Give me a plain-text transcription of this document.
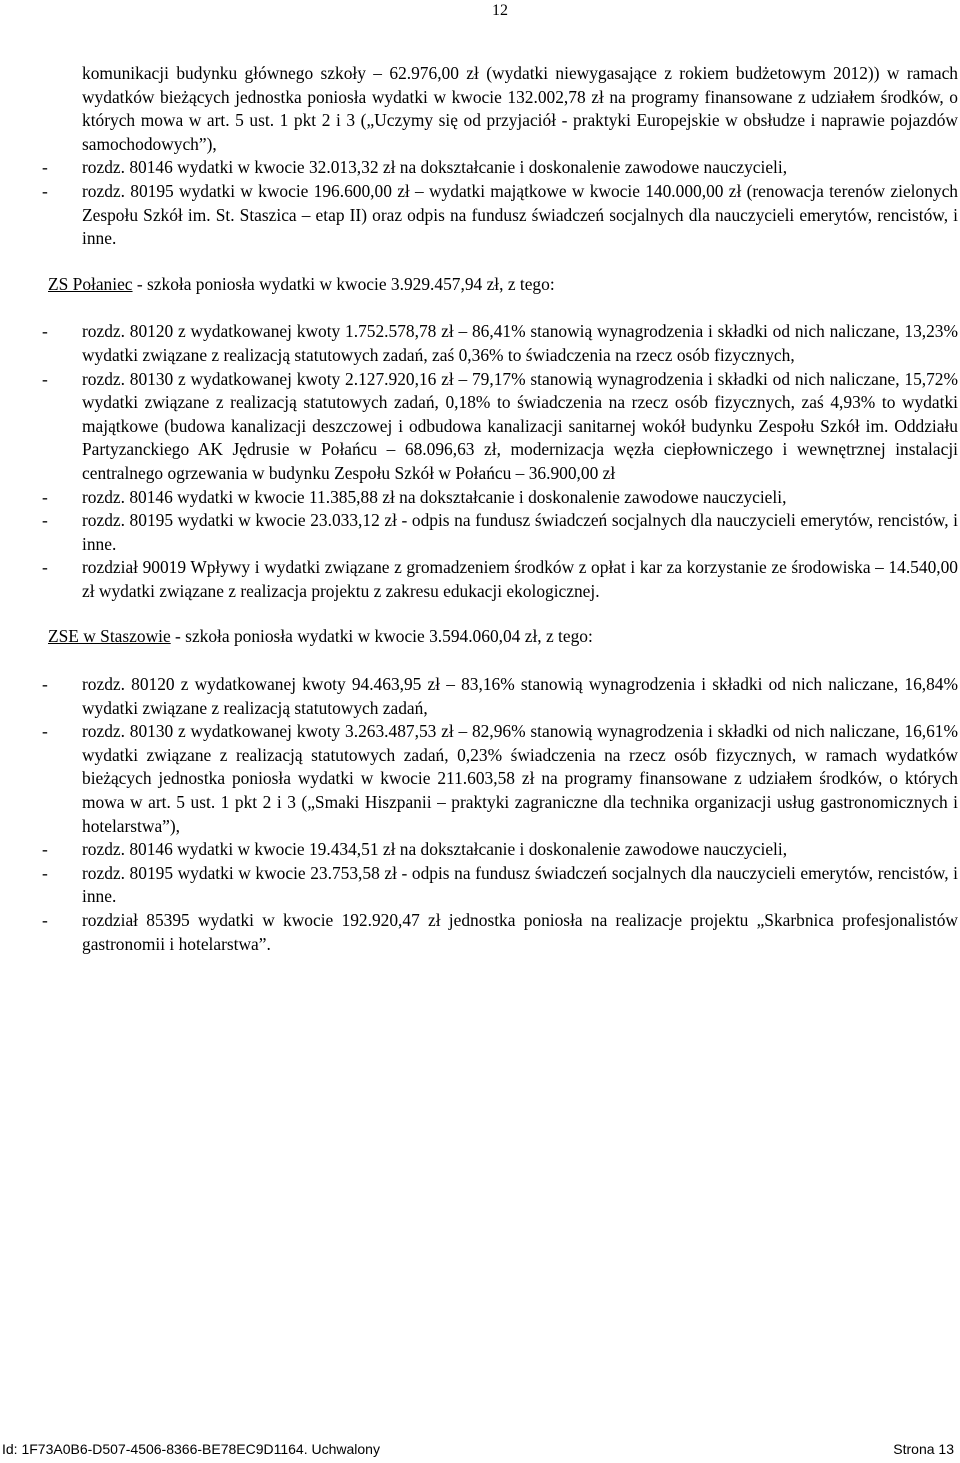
12

komunikacji budynku głównego szkoły – 62.976,00 zł (wydatki niewygasające z rokiem budżetowym 2012)) w ramach wydatków bieżących jednostka poniosła wydatki w kwocie 132.002,78 zł na programy finansowane z udziałem środków, o których mowa w art. 5 ust. 1 pkt 2 i 3 („Uczymy się od przyjaciół - praktyki Europejskie w obsłudze i naprawie pojazdów samochodowych”),

- rozdz. 80146 wydatki w kwocie 32.013,32 zł na dokształcanie i doskonalenie zawodowe nauczycieli,
- rozdz. 80195 wydatki w kwocie 196.600,00 zł – wydatki majątkowe w kwocie 140.000,00 zł (renowacja terenów zielonych Zespołu Szkół im. St. Staszica – etap II) oraz odpis na fundusz świadczeń socjalnych dla nauczycieli emerytów, rencistów, i inne.

ZS Połaniec - szkoła poniosła wydatki w kwocie 3.929.457,94 zł, z tego:

- rozdz. 80120 z wydatkowanej kwoty 1.752.578,78 zł – 86,41% stanowią wynagrodzenia i składki od nich naliczane, 13,23% wydatki związane z realizacją statutowych zadań, zaś 0,36% to świadczenia na rzecz osób fizycznych,
- rozdz. 80130 z wydatkowanej kwoty 2.127.920,16 zł – 79,17% stanowią wynagrodzenia i składki od nich naliczane, 15,72% wydatki związane z realizacją statutowych zadań, 0,18% to świadczenia na rzecz osób fizycznych, zaś 4,93% to wydatki majątkowe (budowa kanalizacji deszczowej i odbudowa kanalizacji sanitarnej wokół budynku Zespołu Szkół im. Oddziału Partyzanckiego AK Jędrusie w Połańcu – 68.096,63 zł, modernizacja węzła ciepłowniczego i wewnętrznej instalacji centralnego ogrzewania w budynku Zespołu Szkół w Połańcu – 36.900,00 zł
- rozdz. 80146 wydatki w kwocie 11.385,88 zł na dokształcanie i doskonalenie zawodowe nauczycieli,
- rozdz. 80195 wydatki w kwocie 23.033,12 zł - odpis na fundusz świadczeń socjalnych dla nauczycieli emerytów, rencistów, i inne.
- rozdział 90019 Wpływy i wydatki związane z gromadzeniem środków z opłat i kar za korzystanie ze środowiska – 14.540,00 zł wydatki związane z realizacja projektu z zakresu edukacji ekologicznej.

ZSE w Staszowie - szkoła poniosła wydatki w kwocie 3.594.060,04 zł, z tego:

- rozdz. 80120 z wydatkowanej kwoty 94.463,95 zł – 83,16% stanowią wynagrodzenia i składki od nich naliczane, 16,84% wydatki związane z realizacją statutowych zadań,
- rozdz. 80130 z wydatkowanej kwoty 3.263.487,53 zł – 82,96% stanowią wynagrodzenia i składki od nich naliczane, 16,61% wydatki związane z realizacją statutowych zadań, 0,23% świadczenia na rzecz osób fizycznych, w ramach wydatków bieżących jednostka poniosła wydatki w kwocie 211.603,58 zł na programy finansowane z udziałem środków, o których mowa w art. 5 ust. 1 pkt 2 i 3 („Smaki Hiszpanii – praktyki zagraniczne dla technika organizacji usług gastronomicznych i hotelarstwa”),
- rozdz. 80146 wydatki w kwocie 19.434,51 zł na dokształcanie i doskonalenie zawodowe nauczycieli,
- rozdz. 80195 wydatki w kwocie 23.753,58 zł - odpis na fundusz świadczeń socjalnych dla nauczycieli emerytów, rencistów, i inne.
- rozdział 85395 wydatki w kwocie 192.920,47 zł jednostka poniosła na realizacje projektu „Skarbnica profesjonalistów gastronomii i hotelarstwa”.
Id: 1F73A0B6-D507-4506-8366-BE78EC9D1164. Uchwalony	Strona 13
